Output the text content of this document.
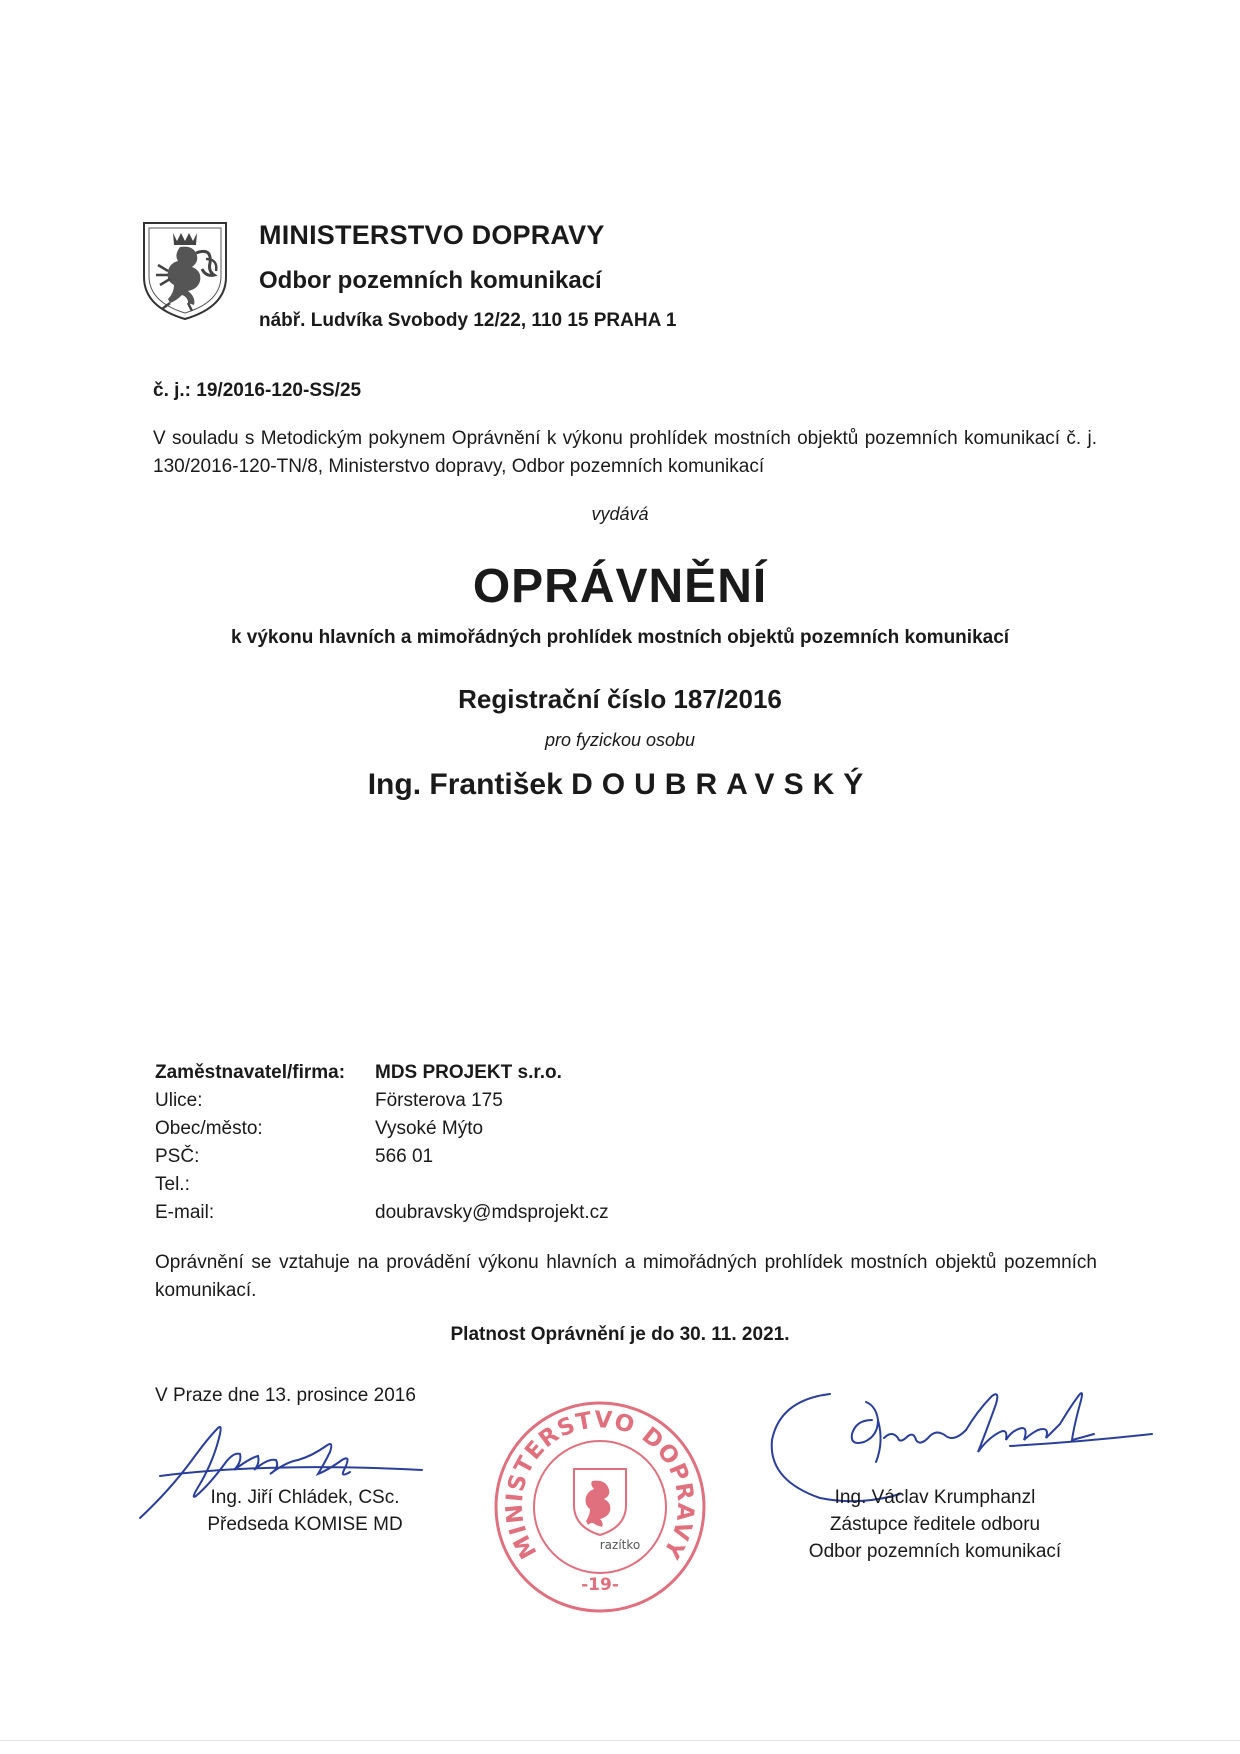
MINISTERSTVO DOPRAVY
Odbor pozemních komunikací
nábř. Ludvíka Svobody 12/22, 110 15 PRAHA 1
č. j.: 19/2016-120-SS/25
V souladu s Metodickým pokynem Oprávnění k výkonu prohlídek mostních objektů pozemních komunikací č. j. 130/2016-120-TN/8, Ministerstvo dopravy, Odbor pozemních komunikací
vydává
OPRÁVNĚNÍ
k výkonu hlavních a mimořádných prohlídek mostních objektů pozemních komunikací
Registrační číslo 187/2016
pro fyzickou osobu
Ing. František DOUBRAVSKÝ
Zaměstnavatel/firma: MDS PROJEKT s.r.o.
Ulice:	Försterova 175
Obec/město:	Vysoké Mýto
PSČ:	566 01
Tel.:
E-mail:	doubravsky@mdsprojekt.cz
Oprávnění se vztahuje na provádění výkonu hlavních a mimořádných prohlídek mostních objektů pozemních komunikací.
Platnost Oprávnění je do 30. 11. 2021.
V Praze dne 13. prosince 2016
Ing. Jiří Chládek, CSc.
Předseda KOMISE MD
MINISTERSTVO DOPRAVY
razítko
-19-
Ing. Václav Krumphanzl
Zástupce ředitele odboru
Odbor pozemních komunikací
